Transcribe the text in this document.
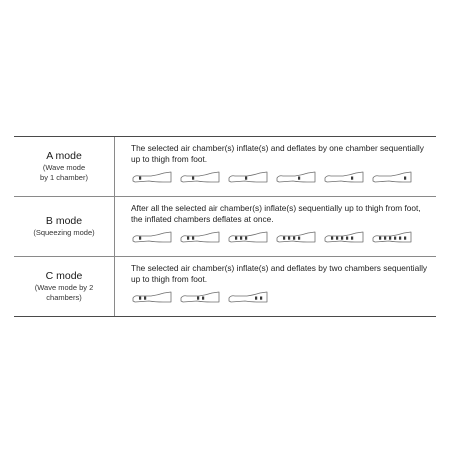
A mode
(Wave mode
by 1 chamber)
The selected air chamber(s) inflate(s) and deflates by one chamber sequentially
up to thigh from foot.
B mode
(Squeezing mode)
After all the selected air chamber(s) inflate(s) sequentially up to thigh from foot,
the inflated chambers deflates at once.
C mode
(Wave mode by 2
chambers)
The selected air chamber(s) inflate(s) and deflates by two chambers sequentially
up to thigh from foot.
